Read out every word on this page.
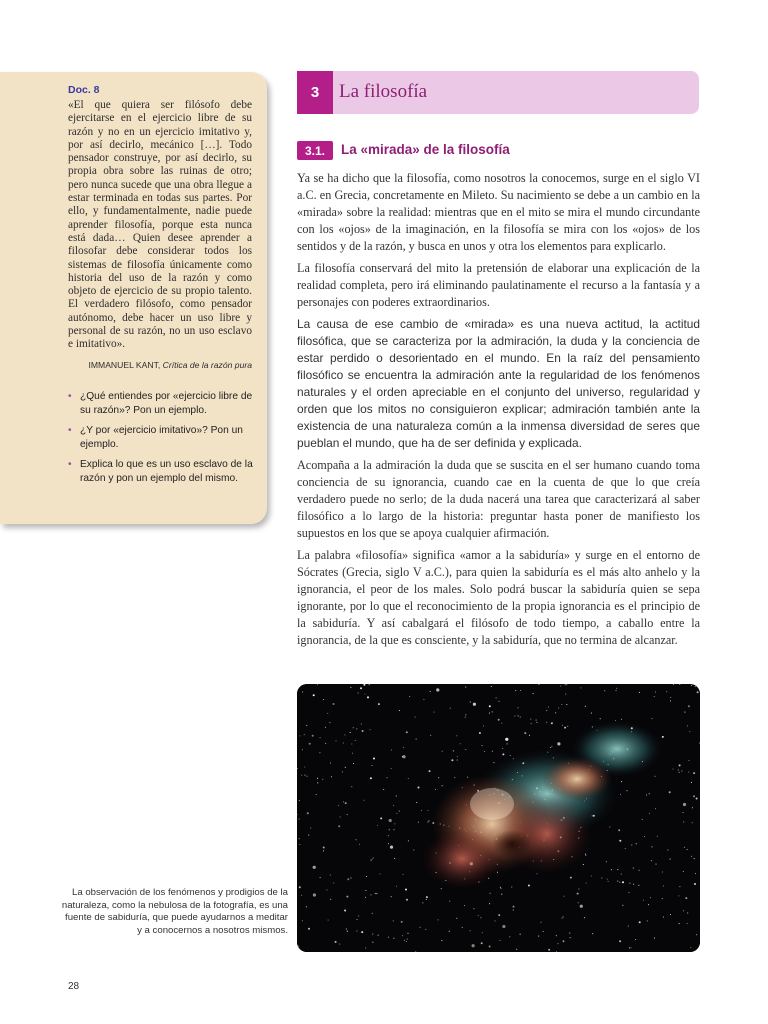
Doc. 8

«El que quiera ser filósofo debe ejercitarse en el ejercicio libre de su razón y no en un ejercicio imitativo y, por así decirlo, mecánico […]. Todo pensador construye, por así decirlo, su propia obra sobre las ruinas de otro; pero nunca sucede que una obra llegue a estar terminada en todas sus partes. Por ello, y fundamentalmente, nadie puede aprender filosofía, porque esta nunca está dada… Quien desee aprender a filosofar debe considerar todos los sistemas de filosofía únicamente como historia del uso de la razón y como objeto de ejercicio de su propio talento. El verdadero filósofo, como pensador autónomo, debe hacer un uso libre y personal de su razón, no un uso esclavo e imitativo».

IMMANUEL KANT, Crítica de la razón pura
• ¿Qué entiendes por «ejercicio libre de su razón»? Pon un ejemplo.
• ¿Y por «ejercicio imitativo»? Pon un ejemplo.
• Explica lo que es un uso esclavo de la razón y pon un ejemplo del mismo.
3	La filosofía
3.1.	La «mirada» de la filosofía

Ya se ha dicho que la filosofía, como nosotros la conocemos, surge en el siglo VI a.C. en Grecia, concretamente en Mileto. Su nacimiento se debe a un cambio en la «mirada» sobre la realidad: mientras que en el mito se mira el mundo circundante con los «ojos» de la imaginación, en la filosofía se mira con los «ojos» de los sentidos y de la razón, y busca en unos y otra los elementos para explicarlo.

La filosofía conservará del mito la pretensión de elaborar una explicación de la realidad completa, pero irá eliminando paulatinamente el recurso a la fantasía y a personajes con poderes extraordinarios.

La causa de ese cambio de «mirada» es una nueva actitud, la actitud filosófica, que se caracteriza por la admiración, la duda y la conciencia de estar perdido o desorientado en el mundo. En la raíz del pensamiento filosófico se encuentra la admiración ante la regularidad de los fenómenos naturales y el orden apreciable en el conjunto del universo, regularidad y orden que los mitos no consiguieron explicar; admiración también ante la existencia de una naturaleza común a la inmensa diversidad de seres que pueblan el mundo, que ha de ser definida y explicada.

Acompaña a la admiración la duda que se suscita en el ser humano cuando toma conciencia de su ignorancia, cuando cae en la cuenta de que lo que creía verdadero puede no serlo; de la duda nacerá una tarea que caracterizará al saber filosófico a lo largo de la historia: preguntar hasta poner de manifiesto los supuestos en los que se apoya cualquier afirmación.

La palabra «filosofía» significa «amor a la sabiduría» y surge en el entorno de Sócrates (Grecia, siglo V a.C.), para quien la sabiduría es el más alto anhelo y la ignorancia, el peor de los males. Solo podrá buscar la sabiduría quien se sepa ignorante, por lo que el reconocimiento de la propia ignorancia es el principio de la sabiduría. Y así cabalgará el filósofo de todo tiempo, a caballo entre la ignorancia, de la que es consciente, y la sabiduría, que no termina de alcanzar.

La observación de los fenómenos y prodigios de la naturaleza, como la nebulosa de la fotografía, es una fuente de sabiduría, que puede ayudarnos a meditar y a conocernos a nosotros mismos.

28
